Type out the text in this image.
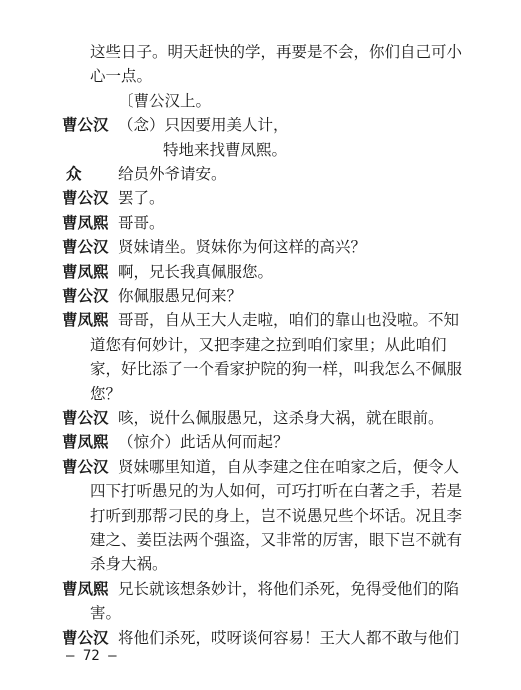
这些日子。明天赶快的学，再要是不会，你们自己可小
心一点。
〔曹公汉上。
曹公汉 （念）只因要用美人计，
特地来找曹凤熙。
众	给员外爷请安。
曹公汉 罢了。
曹凤熙 哥哥。
曹公汉 贤妹请坐。贤妹你为何这样的高兴？
曹凤熙 啊，兄长我真佩服您。
曹公汉 你佩服愚兄何来？
曹凤熙 哥哥，自从王大人走啦，咱们的靠山也没啦。不知
道您有何妙计，又把李建之拉到咱们家里；从此咱们
家，好比添了一个看家护院的狗一样，叫我怎么不佩服
您？
曹公汉 咳，说什么佩服愚兄，这杀身大祸，就在眼前。
曹凤熙 （惊介）此话从何而起？
曹公汉 贤妹哪里知道，自从李建之住在咱家之后，便令人
四下打听愚兄的为人如何，可巧打听在白著之手，若是
打听到那帮刁民的身上，岂不说愚兄些个坏话。况且李
建之、姜臣法两个强盗，又非常的厉害，眼下岂不就有
杀身大祸。
曹凤熙 兄长就该想条妙计，将他们杀死，免得受他们的陷
害。
曹公汉 将他们杀死，哎呀谈何容易！王大人都不敢与他们
— 72 —
